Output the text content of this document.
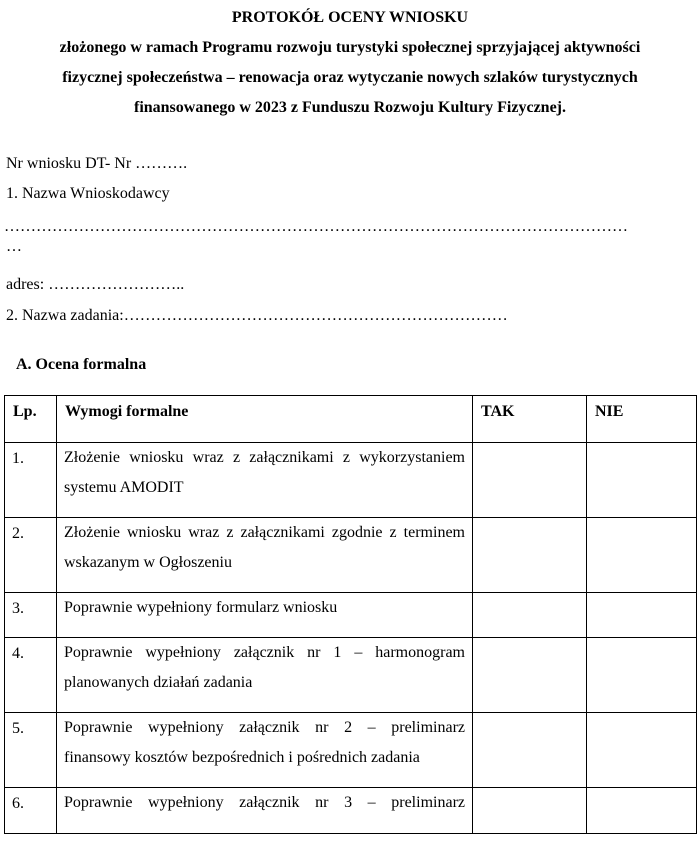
PROTOKÓŁ OCENY WNIOSKU
złożonego w ramach Programu rozwoju turystyki społecznej sprzyjającej aktywności
fizycznej społeczeństwa – renowacja oraz wytyczanie nowych szlaków turystycznych
finansowanego w 2023 z Funduszu Rozwoju Kultury Fizycznej.
Nr wniosku DT- Nr ……….
1. Nazwa Wnioskodawcy
………………………………………………………………………………………………………
…
adres: ……………………..
2. Nazwa zadania:………………………………………………………………
A. Ocena formalna
Lp.	Wymogi formalne	TAK	NIE

1.	Złożenie wniosku wraz z załącznikami z wykorzystaniem systemu AMODIT		

2.	Złożenie wniosku wraz z załącznikami zgodnie z terminem wskazanym w Ogłoszeniu		

3.	Poprawnie wypełniony formularz wniosku		

4.	Poprawnie wypełniony załącznik nr 1 – harmonogram planowanych działań zadania		

5.	Poprawnie wypełniony załącznik nr 2 – preliminarz finansowy kosztów bezpośrednich i pośrednich zadania		

6.	Poprawnie wypełniony załącznik nr 3 – preliminarz		
